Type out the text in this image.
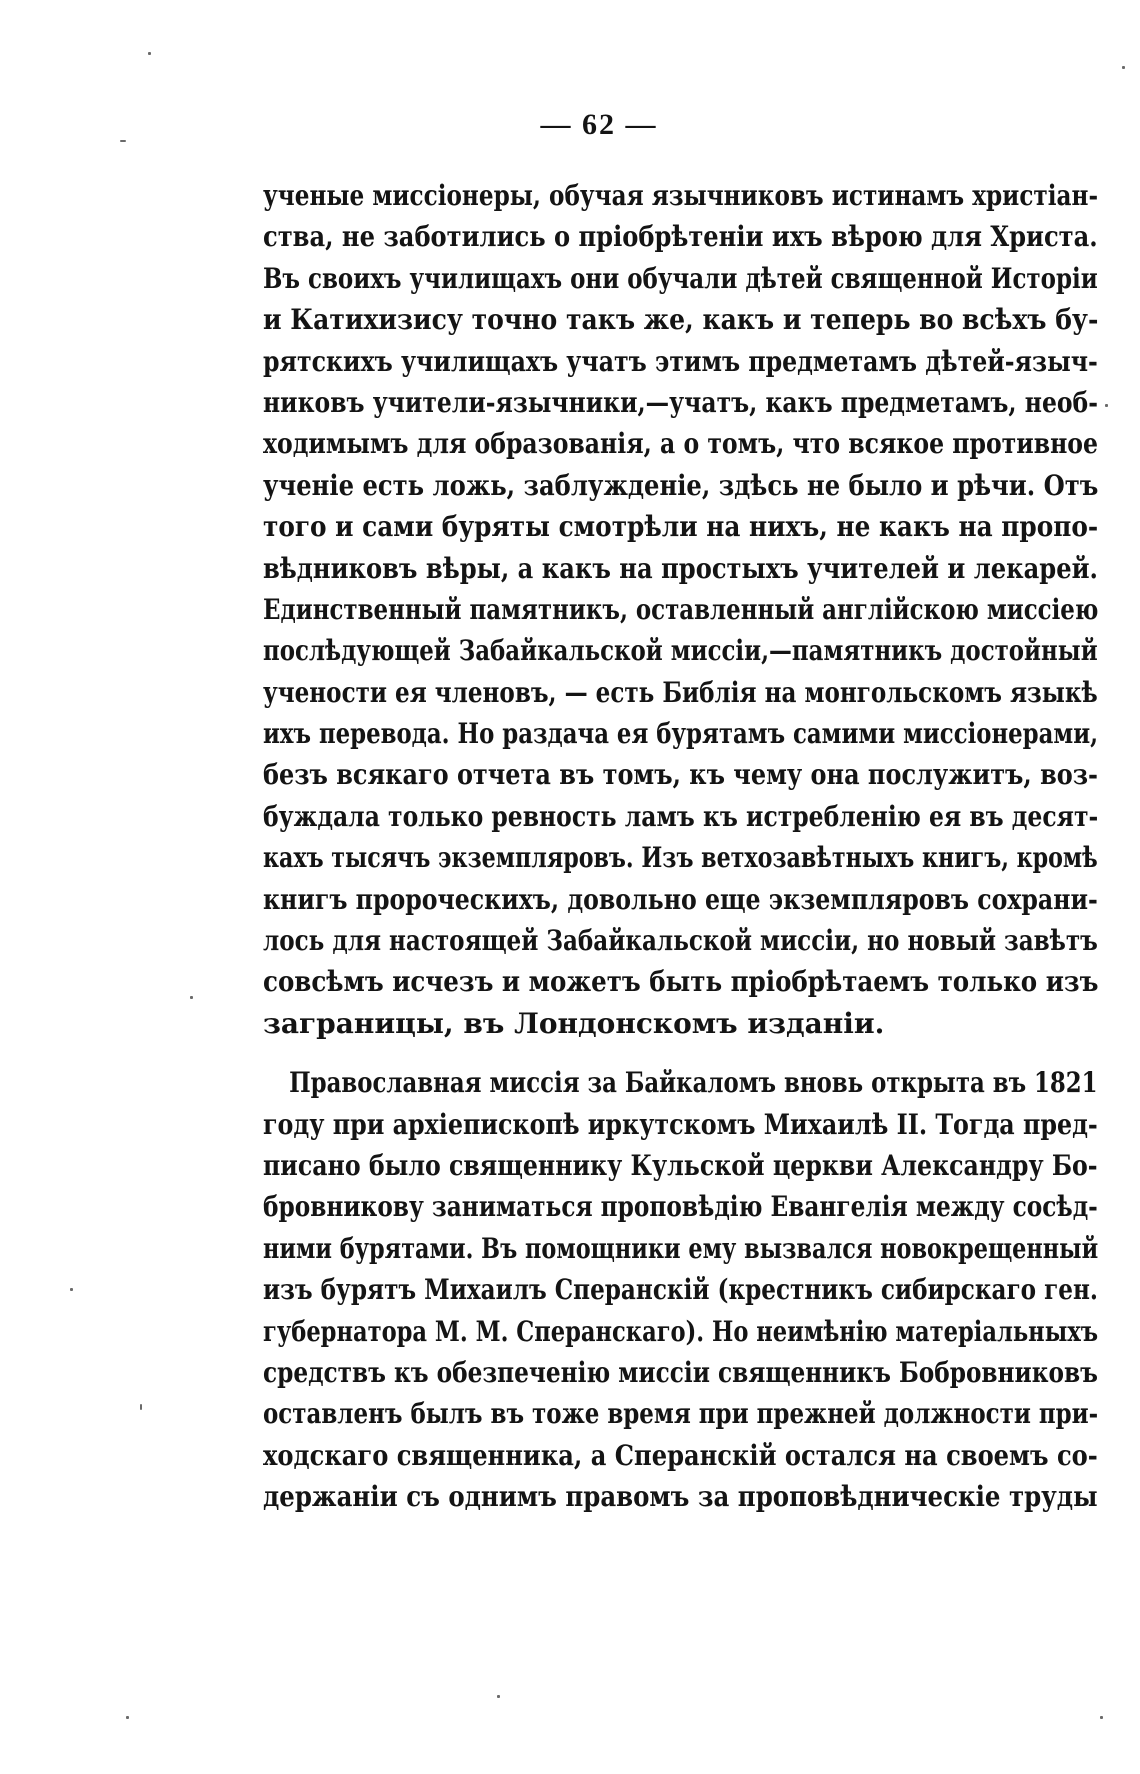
— 62 —
ученые миссіонеры, обучая язычниковъ истинамъ христіан-
ства, не заботились о пріобрѣтеніи ихъ вѣрою для Христа.
Въ своихъ училищахъ они обучали дѣтей священной Исторіи
и Катихизису точно такъ же, какъ и теперь во всѣхъ бу-
рятскихъ училищахъ учатъ этимъ предметамъ дѣтей-языч-
никовъ учители-язычники,—учатъ, какъ предметамъ, необ-
ходимымъ для образованія, а о томъ, что всякое противное
ученіе есть ложь, заблужденіе, здѣсь не было и рѣчи. Отъ
того и сами буряты смотрѣли на нихъ, не какъ на пропо-
вѣдниковъ вѣры, а какъ на простыхъ учителей и лекарей.
Единственный памятникъ, оставленный англійскою миссіею
послѣдующей Забайкальской миссіи,—памятникъ достойный
учености ея членовъ, — есть Библія на монгольскомъ языкѣ
ихъ перевода. Но раздача ея бурятамъ самими миссіонерами,
безъ всякаго отчета въ томъ, къ чему она послужитъ, воз-
буждала только ревность ламъ къ истребленію ея въ десят-
кахъ тысячъ экземпляровъ. Изъ ветхозавѣтныхъ книгъ, кромѣ
книгъ пророческихъ, довольно еще экземпляровъ сохрани-
лось для настоящей Забайкальской миссіи, но новый завѣтъ
совсѣмъ исчезъ и можетъ быть пріобрѣтаемъ только изъ
заграницы, въ Лондонскомъ изданіи.
Православная миссія за Байкаломъ вновь открыта въ 1821
году при архіепископѣ иркутскомъ Михаилѣ II. Тогда пред-
писано было священнику Кульской церкви Александру Бо-
бровникову заниматься проповѣдію Евангелія между сосѣд-
ними бурятами. Въ помощники ему вызвался новокрещенный
изъ бурятъ Михаилъ Сперанскій (крестникъ сибирскаго ген.
губернатора М. М. Сперанскаго). Но неимѣнію матеріальныхъ
средствъ къ обезпеченію миссіи священникъ Бобровниковъ
оставленъ былъ въ тоже время при прежней должности при-
ходскаго священника, а Сперанскій остался на своемъ со-
держаніи съ однимъ правомъ за проповѣдническіе труды
